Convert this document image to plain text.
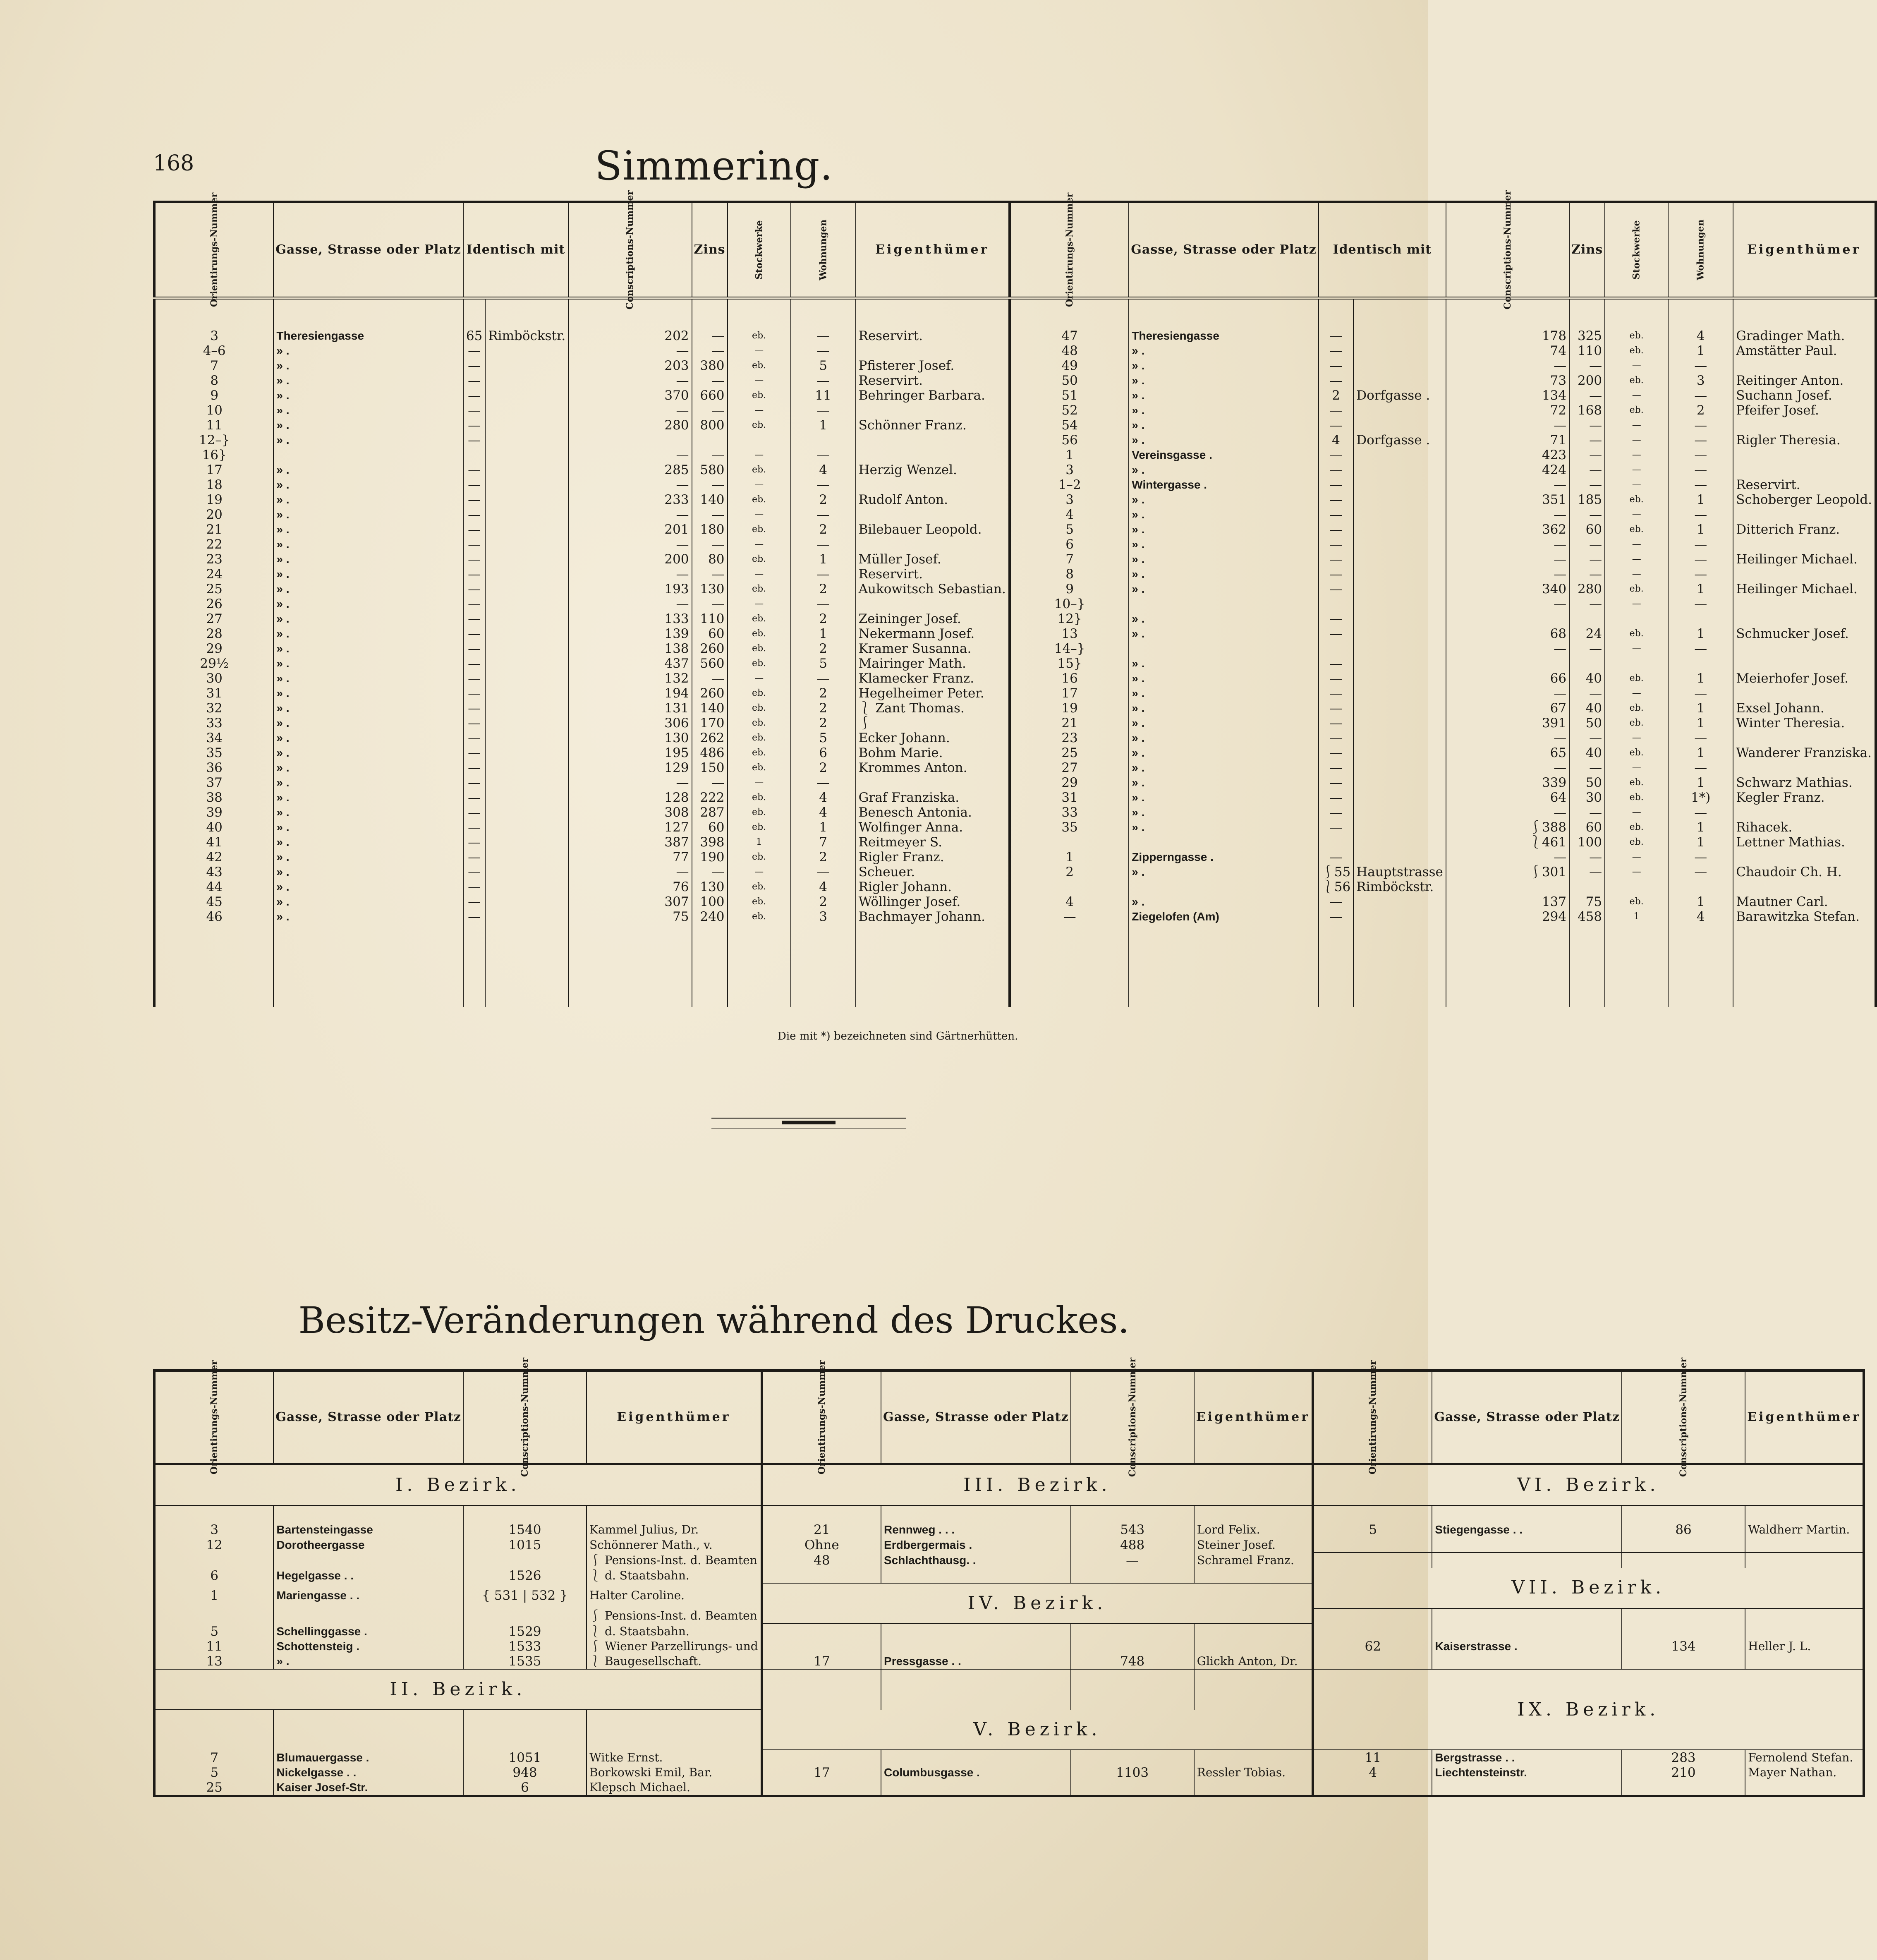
168	Simmering.
Orientirungs-Nummer	Gasse, Strasse oder Platz	Identisch mit		Conscriptions-Nummer	Zins	Stockwerke	Wohnungen	Eigenthümer	Orientirungs-Nummer	Gasse, Strasse oder Platz	Identisch mit		Conscriptions-Nummer	Zins	Stockwerke	Wohnungen	Eigenthümer

3	Theresiengasse	65	Rimböckstr.	202	—	eb.	—	Reservirt.	47	Theresiengasse	—		178	325	eb.	4	Gradinger Math.
4–6	» .	—		—	—	—	—		48	» .	—		74	110	eb.	1	Amstätter Paul.
7	» .	—		203	380	eb.	5	Pfisterer Josef.	49	» .	—		—	—	—	—	
8	» .	—		—	—	—	—	Reservirt.	50	» .	—		73	200	eb.	3	Reitinger Anton.
9	» .	—		370	660	eb.	11	Behringer Barbara.	51	» .	2	Dorfgasse .	134	—	—	—	Suchann Josef.
10	» .	—		—	—	—	—		52	» .	—		72	168	eb.	2	Pfeifer Josef.
11	» .	—		280	800	eb.	1	Schönner Franz.	54	» .	—		—	—	—	—	
12–}	» .	—							56	» .	4	Dorfgasse .	71	—	—	—	Rigler Theresia.
16}				—	—	—	—		1	Vereinsgasse .	—		423	—	—	—	
17	» .	—		285	580	eb.	4	Herzig Wenzel.	3	» .	—		424	—	—	—	
18	» .	—		—	—	—	—		1–2	Wintergasse .	—		—	—	—	—	Reservirt.
19	» .	—		233	140	eb.	2	Rudolf Anton.	3	» .	—		351	185	eb.	1	Schoberger Leopold.
20	» .	—		—	—	—	—		4	» .	—		—	—	—	—	
21	» .	—		201	180	eb.	2	Bilebauer Leopold.	5	» .	—		362	60	eb.	1	Ditterich Franz.
22	» .	—		—	—	—	—		6	» .	—		—	—	—	—	
23	» .	—		200	80	eb.	1	Müller Josef.	7	» .	—		—	—	—	—	Heilinger Michael.
24	» .	—		—	—	—	—	Reservirt.	8	» .	—		—	—	—	—	
25	» .	—		193	130	eb.	2	Aukowitsch Sebastian.	9	» .	—		340	280	eb.	1	Heilinger Michael.
26	» .	—		—	—	—	—		10–}				—	—	—	—	
27	» .	—		133	110	eb.	2	Zeininger Josef.	12}	» .	—						
28	» .	—		139	60	eb.	1	Nekermann Josef.	13	» .	—		68	24	eb.	1	Schmucker Josef.
29	» .	—		138	260	eb.	2	Kramer Susanna.	14–}				—	—	—	—	
29½	» .	—		437	560	eb.	5	Mairinger Math.	15}	» .	—						
30	» .	—		132	—	—	—	Klamecker Franz.	16	» .	—		66	40	eb.	1	Meierhofer Josef.
31	» .	—		194	260	eb.	2	Hegelheimer Peter.	17	» .	—		—	—	—	—	
32	» .	—		131	140	eb.	2	⎱ Zant Thomas.	19	» .	—		67	40	eb.	1	Exsel Johann.
33	» .	—		306	170	eb.	2	⎰	21	» .	—		391	50	eb.	1	Winter Theresia.
34	» .	—		130	262	eb.	5	Ecker Johann.	23	» .	—		—	—	—	—	
35	» .	—		195	486	eb.	6	Bohm Marie.	25	» .	—		65	40	eb.	1	Wanderer Franziska.
36	» .	—		129	150	eb.	2	Krommes Anton.	27	» .	—		—	—	—	—	
37	» .	—		—	—	—	—		29	» .	—		339	50	eb.	1	Schwarz Mathias.
38	» .	—		128	222	eb.	4	Graf Franziska.	31	» .	—		64	30	eb.	1*)	Kegler Franz.
39	» .	—		308	287	eb.	4	Benesch Antonia.	33	» .	—		—	—	—	—	
40	» .	—		127	60	eb.	1	Wolfinger Anna.	35	» .	—		⎰388	60	eb.	1	Rihacek.
41	» .	—		387	398	1	7	Reitmeyer S.					⎱461	100	eb.	1	Lettner Mathias.
42	» .	—		77	190	eb.	2	Rigler Franz.	1	Zipperngasse .	—		—	—	—	—	
43	» .	—		—	—	—	—	Scheuer.	2	» .	⎰55	Hauptstrasse	⎰301	—	—	—	Chaudoir Ch. H.
44	» .	—		76	130	eb.	4	Rigler Johann.			⎱56	Rimböckstr.					
45	» .	—		307	100	eb.	2	Wöllinger Josef.	4	» .	—		137	75	eb.	1	Mautner Carl.
46	» .	—		75	240	eb.	3	Bachmayer Johann.	—	Ziegelofen (Am)	—		294	458	1	4	Barawitzka Stefan.

Die mit *) bezeichneten sind Gärtnerhütten.
Besitz-Veränderungen während des Druckes.
Orientirungs-Nummer	Gasse, Strasse oder Platz	Conscriptions-Nummer	Eigenthümer	Orientirungs-Nummer	Gasse, Strasse oder Platz	Conscriptions-Nummer	Eigenthümer	Orientirungs-Nummer	Gasse, Strasse oder Platz	Conscriptions-Nummer	Eigenthümer
I. Bezirk.				III. Bezirk.				VI. Bezirk.			

3	Bartensteingasse	1540	Kammel Julius, Dr.	21	Rennweg . . .	543	Lord Felix.	5	Stiegengasse . .	86	Waldherr Martin.
12	Dorotheergasse	1015	Schönnerer Math., v.	Ohne	Erdbergermais .	488	Steiner Josef.				
			⎰ Pensions-Inst. d. Beamten	48	Schlachthausg. .	—	Schramel Franz.				
6	Hegelgasse . .	1526	⎱ d. Staatsbahn.					VII. Bezirk.			
1	Mariengasse . .	{ 531 | 532 }	Halter Caroline.	IV. Bezirk.							
			⎰ Pensions-Inst. d. Beamten								
5	Schellinggasse .	1529	⎱ d. Staatsbahn.								
11	Schottensteig .	1533	⎰ Wiener Parzellirungs- und					62	Kaiserstrasse .	134	Heller J. L.
13	» .	1535	⎱ Baugesellschaft.	17	Pressgasse . .	748	Glickh Anton, Dr.				
II. Bezirk.								IX. Bezirk.			
				V. Bezirk.							
7	Blumauergasse .	1051	Witke Ernst.					11	Bergstrasse . .	283	Fernolend Stefan.
5	Nickelgasse . .	948	Borkowski Emil, Bar.	17	Columbusgasse .	1103	Ressler Tobias.	4	Liechtensteinstr.	210	Mayer Nathan.
25	Kaiser Josef-Str.	6	Klepsch Michael.								
